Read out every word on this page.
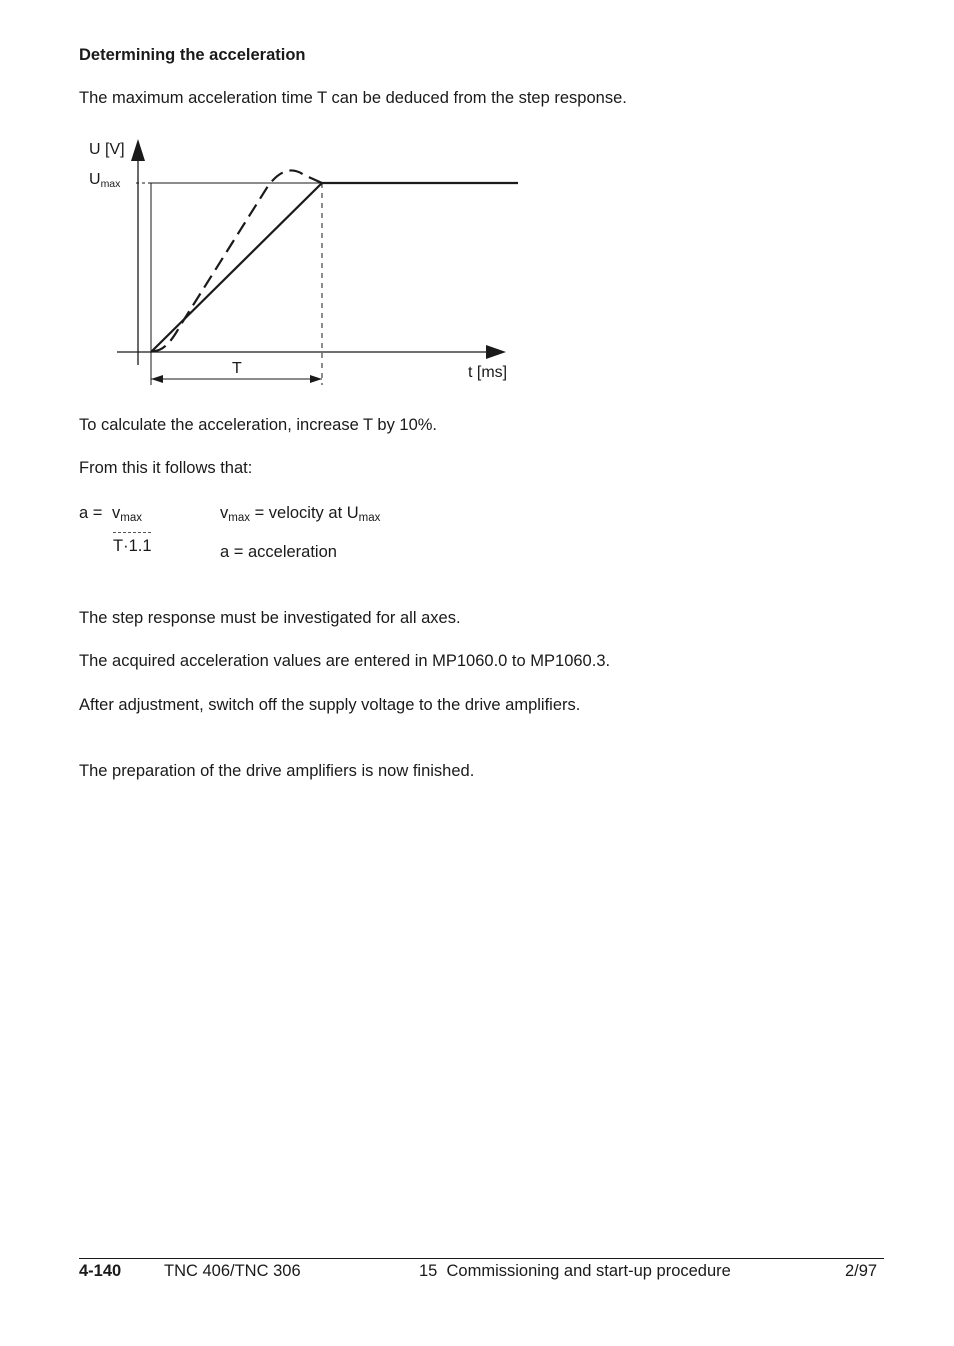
Determining the acceleration
The maximum acceleration time T can be deduced from the step response.
U [V]
$U_{max}$
T	t [ms]
To calculate the acceleration, increase T by 10%.
From this it follows that:
$a = v_{max}$
T·1.1
$v_{max}$ = velocity at $U_{max}$
a = acceleration
The step response must be investigated for all axes.
The acquired acceleration values are entered in MP1060.0 to MP1060.3.
After adjustment, switch off the supply voltage to the drive amplifiers.
The preparation of the drive amplifiers is now finished.
4-140	TNC 406/TNC 306	15  Commissioning and start-up procedure	2/97
